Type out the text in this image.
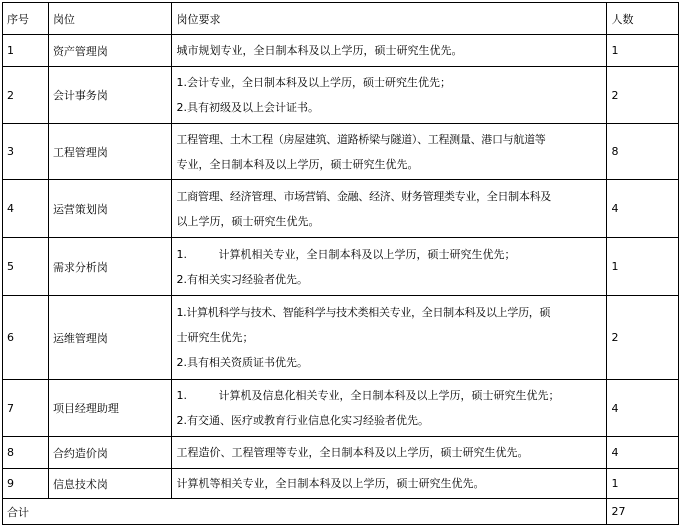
序号	岗位	岗位要求	人数
1	资产管理岗	城市规划专业，全日制本科及以上学历，硕士研究生优先。	1
2	会计事务岗	1.会计专业，全日制本科及以上学历，硕士研究生优先；
2.具有初级及以上会计证书。	2
3	工程管理岗	工程管理、土木工程（房屋建筑、道路桥梁与隧道）、工程测量、港口与航道等
专业，全日制本科及以上学历，硕士研究生优先。	8
4	运营策划岗	工商管理、经济管理、市场营销、金融、经济、财务管理类专业，全日制本科及
以上学历，硕士研究生优先。	4
5	需求分析岗	1. 计算机相关专业，全日制本科及以上学历，硕士研究生优先；
2.有相关实习经验者优先。	1
6	运维管理岗	1.计算机科学与技术、智能科学与技术类相关专业，全日制本科及以上学历，硕
士研究生优先；
2.具有相关资质证书优先。	2
7	项目经理助理	1. 计算机及信息化相关专业，全日制本科及以上学历，硕士研究生优先；
2.有交通、医疗或教育行业信息化实习经验者优先。	4
8	合约造价岗	工程造价、工程管理等专业，全日制本科及以上学历，硕士研究生优先。	4
9	信息技术岗	计算机等相关专业，全日制本科及以上学历，硕士研究生优先。	1
合计			27
